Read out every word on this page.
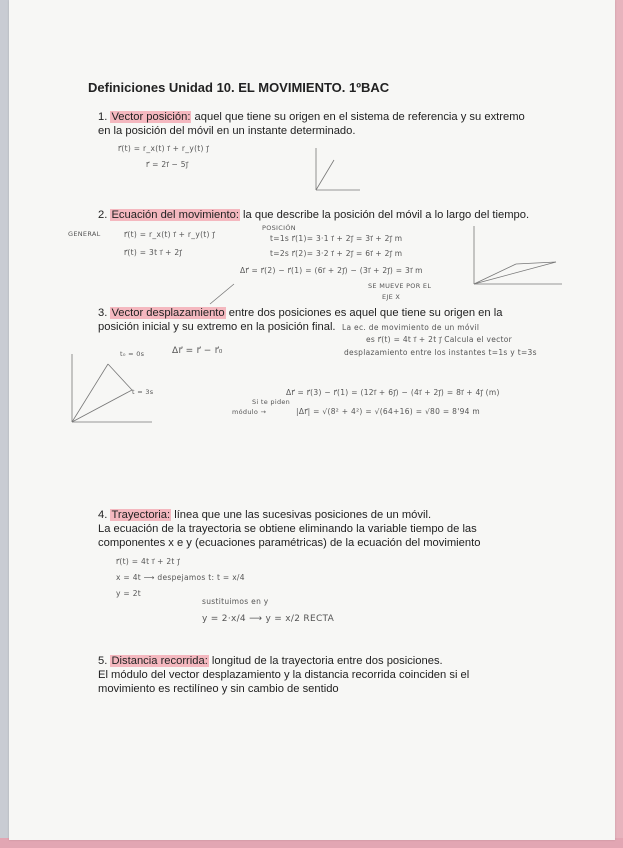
Definiciones Unidad 10. EL MOVIMIENTO. 1ºBAC
1. Vector posición: aquel que tiene su origen en el sistema de referencia y su extremo
en la posición del móvil en un instante determinado.
r⃗(t) = r_x(t) i⃗ + r_y(t) j⃗
r⃗ = 2i⃗ − 5j⃗
2. Ecuación del movimiento: la que describe la posición del móvil a lo largo del tiempo.
GENERAL	r⃗(t) = r_x(t) i⃗ + r_y(t) j⃗
r⃗(t) = 3t i⃗ + 2j⃗
POSICIÓN
t=1s r⃗(1)= 3·1 i⃗ + 2j⃗ = 3i⃗ + 2j⃗ m
t=2s r⃗(2)= 3·2 i⃗ + 2j⃗ = 6i⃗ + 2j⃗ m
Δr⃗ = r⃗(2) − r⃗(1) = (6i⃗ + 2j⃗) − (3i⃗ + 2j⃗) = 3i⃗ m
SE MUEVE POR EL
EJE X
3. Vector desplazamiento entre dos posiciones es aquel que tiene su origen en la
posición inicial y su extremo en la posición final. La ec. de movimiento de un móvil
es r⃗(t) = 4t i⃗ + 2t j⃗ Calcula el vector
desplazamiento entre los instantes t=1s y t=3s
Δr⃗ = r⃗ − r⃗₀
t₀ = 0s
t = 3s	Δr⃗ = r⃗(3) − r⃗(1) = (12i⃗ + 6j⃗) − (4i⃗ + 2j⃗) = 8i⃗ + 4j⃗ (m)
Si te piden
módulo →	|Δr⃗| = √(8² + 4²) = √(64+16) = √80 = 8'94 m
4. Trayectoria: línea que une las sucesivas posiciones de un móvil.
La ecuación de la trayectoria se obtiene eliminando la variable tiempo de las
componentes x e y (ecuaciones paramétricas) de la ecuación del movimiento
r⃗(t) = 4t i⃗ + 2t j⃗
x = 4t ⟶ despejamos t: t = x/4
y = 2t
sustituimos en y
y = 2·x/4 ⟶ y = x/2 RECTA
5. Distancia recorrida: longitud de la trayectoria entre dos posiciones.
El módulo del vector desplazamiento y la distancia recorrida coinciden si el
movimiento es rectilíneo y sin cambio de sentido
